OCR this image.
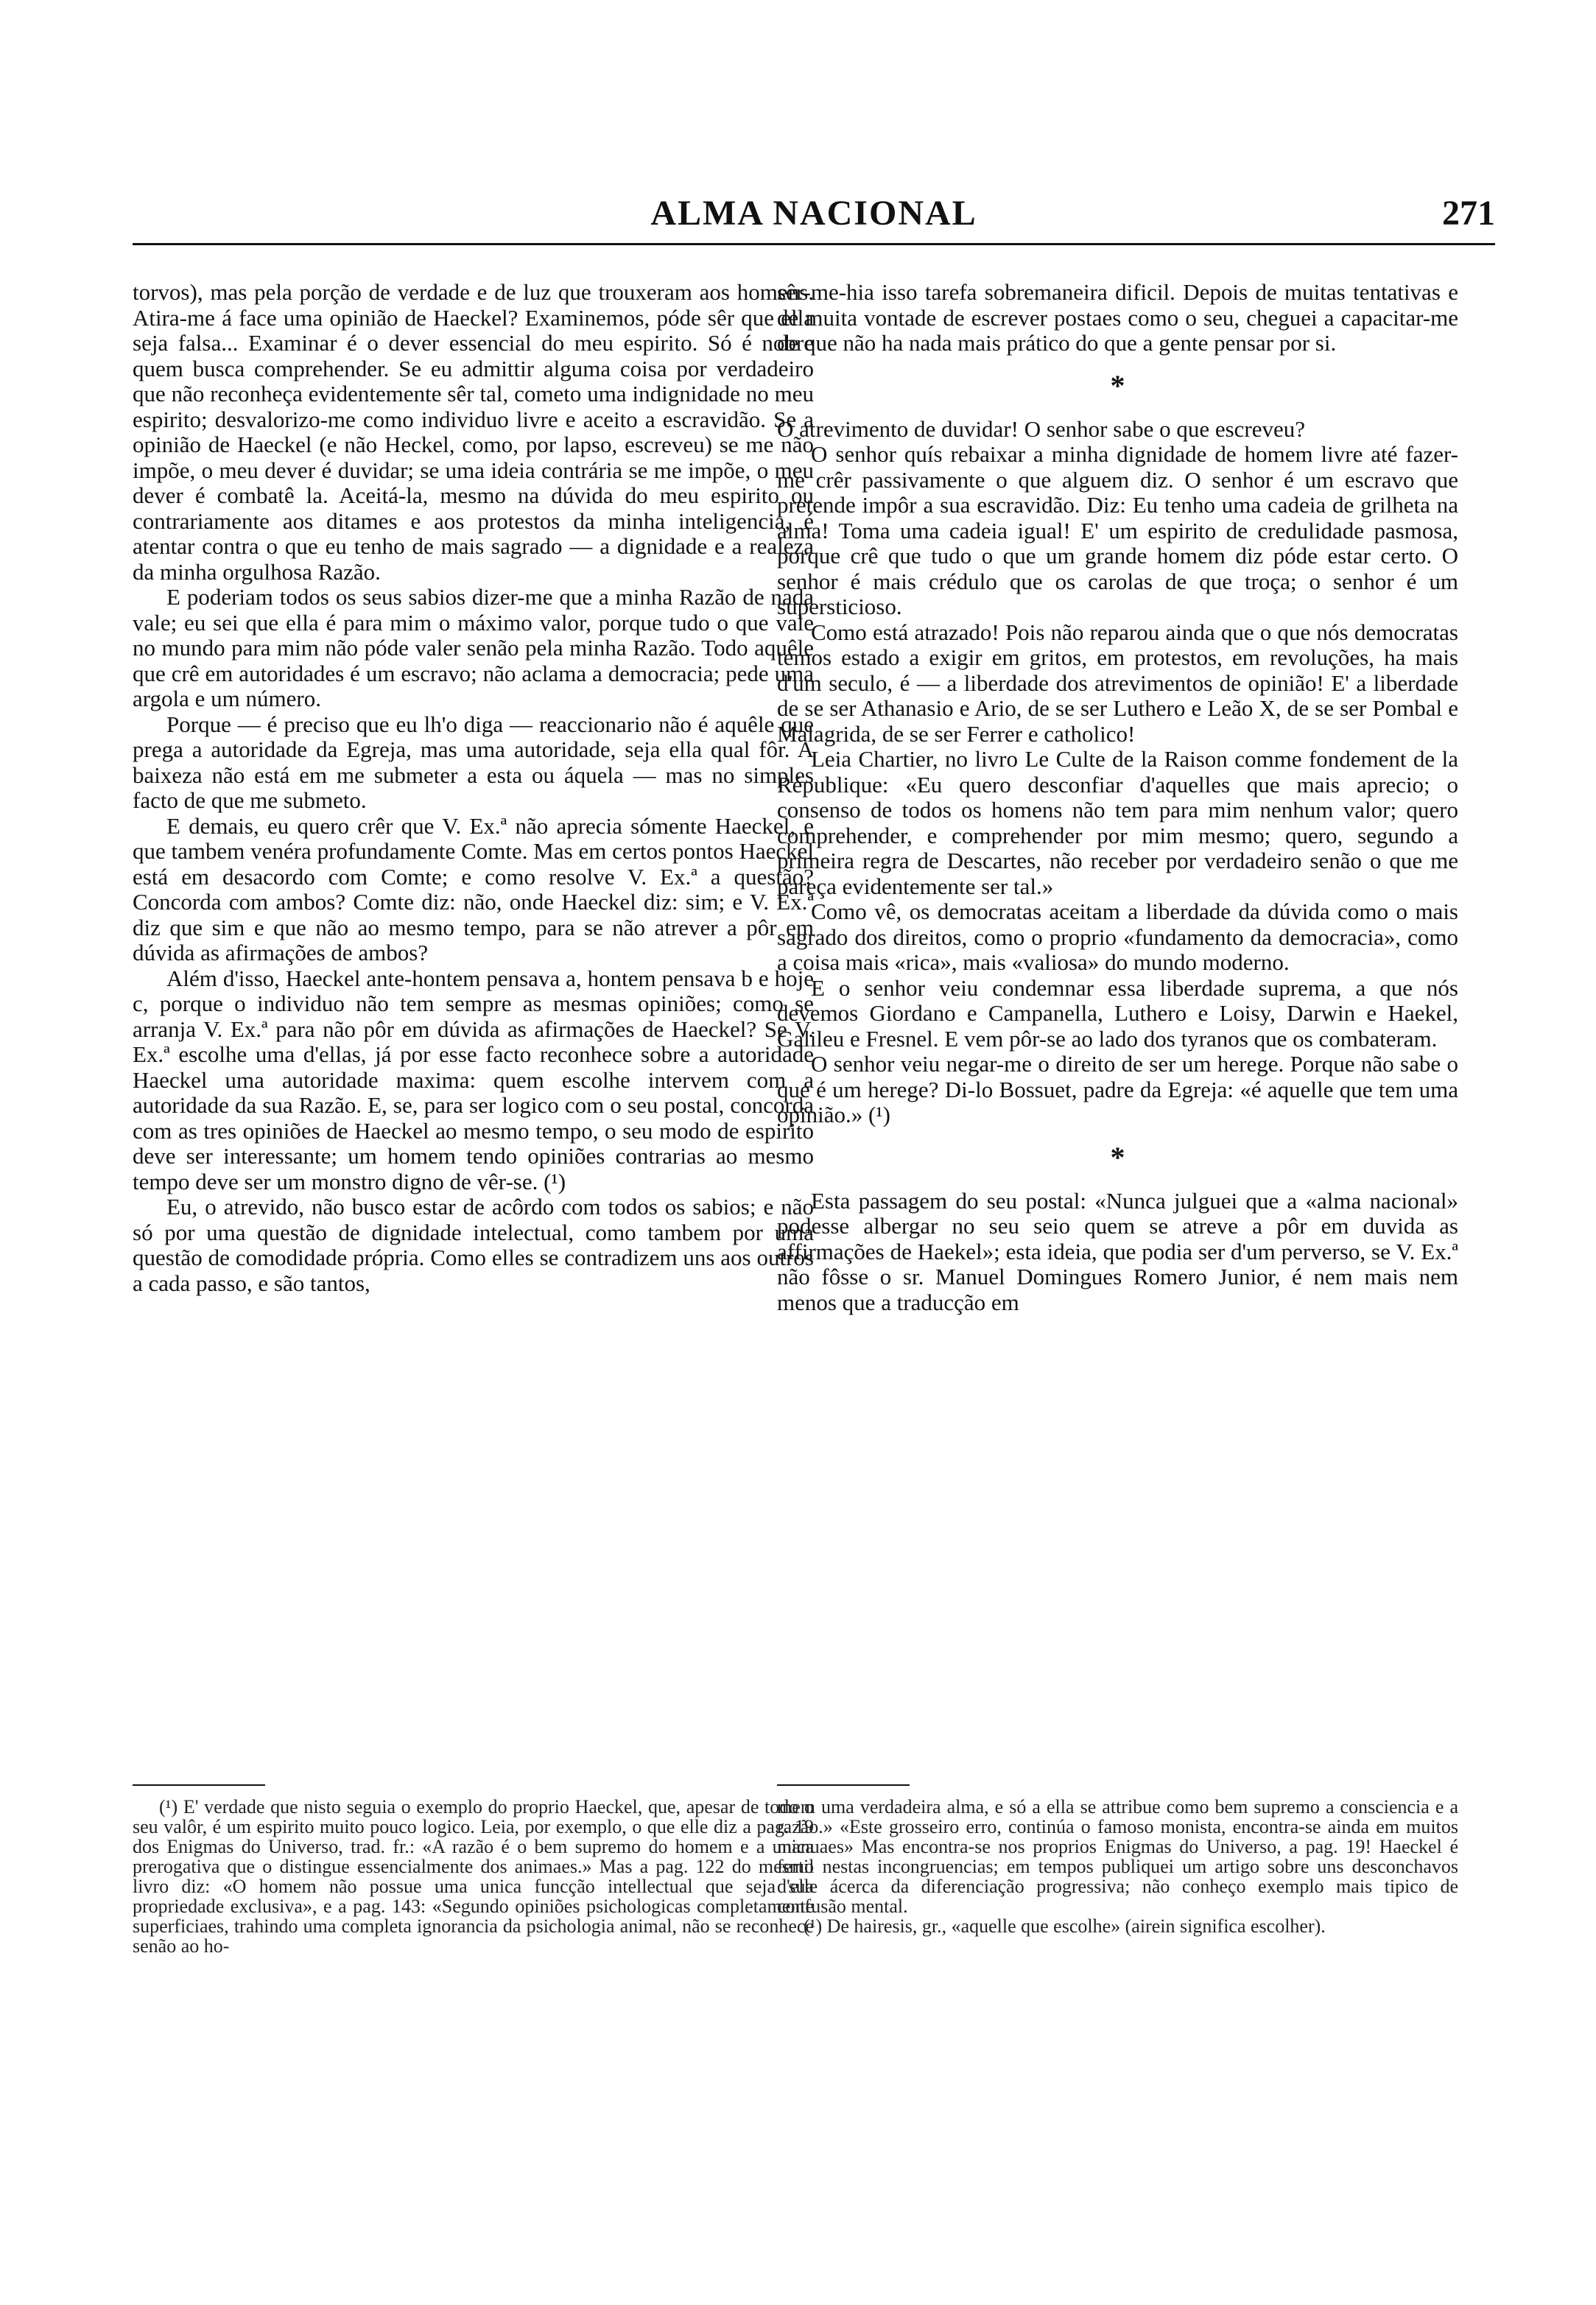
ALMA NACIONAL	271

torvos), mas pela porção de verdade e de luz que trouxeram aos homens. Atira-me á face uma opinião de Haeckel? Examinemos, póde sêr que ella seja falsa... Examinar é o dever essencial do meu espirito. Só é nobre quem busca comprehender. Se eu admittir alguma coisa por verdadeiro que não reconheça evidentemente sêr tal, cometo uma indignidade no meu espirito; desvalorizo-me como individuo livre e aceito a escravidão. Se a opinião de Haeckel (e não Heckel, como, por lapso, escreveu) se me não impõe, o meu dever é duvidar; se uma ideia contrária se me impõe, o meu dever é combatê la. Aceitá-la, mesmo na dúvida do meu espirito ou contrariamente aos ditames e aos protestos da minha inteligencia, é atentar contra o que eu tenho de mais sagrado — a dignidade e a realeza da minha orgulhosa Razão.

E poderiam todos os seus sabios dizer-me que a minha Razão de nada vale; eu sei que ella é para mim o máximo valor, porque tudo o que vale no mundo para mim não póde valer senão pela minha Razão. Todo aquêle que crê em autoridades é um escravo; não aclama a democracia; pede uma argola e um número.

Porque — é preciso que eu lh'o diga — reaccionario não é aquêle que prega a autoridade da Egreja, mas uma autoridade, seja ella qual fôr. A baixeza não está em me submeter a esta ou áquela — mas no simples facto de que me submeto.

E demais, eu quero crêr que V. Ex.ª não aprecia sómente Haeckel, e que tambem venéra profundamente Comte. Mas em certos pontos Haeckel está em desacordo com Comte; e como resolve V. Ex.ª a questão? Concorda com ambos? Comte diz: não, onde Haeckel diz: sim; e V. Ex.ª diz que sim e que não ao mesmo tempo, para se não atrever a pôr em dúvida as afirmações de ambos?

Além d'isso, Haeckel ante-hontem pensava a, hontem pensava b e hoje c, porque o individuo não tem sempre as mesmas opiniões; como se arranja V. Ex.ª para não pôr em dúvida as afirmações de Haeckel? Se V. Ex.ª escolhe uma d'ellas, já por esse facto reconhece sobre a autoridade Haeckel uma autoridade maxima: quem escolhe intervem com a autoridade da sua Razão. E, se, para ser logico com o seu postal, concorda com as tres opiniões de Haeckel ao mesmo tempo, o seu modo de espirito deve ser interessante; um homem tendo opiniões contrarias ao mesmo tempo deve ser um monstro digno de vêr-se. (¹)

Eu, o atrevido, não busco estar de acôrdo com todos os sabios; e não só por uma questão de dignidade intelectual, como tambem por uma questão de comodidade própria. Como elles se contradizem uns aos outros a cada passo, e são tantos,

sêr-me-hia isso tarefa sobremaneira dificil. Depois de muitas tentativas e de muita vontade de escrever postaes como o seu, cheguei a capacitar-me de que não ha nada mais prático do que a gente pensar por si.

*

O atrevimento de duvidar! O senhor sabe o que escreveu?

O senhor quís rebaixar a minha dignidade de homem livre até fazer-me crêr passivamente o que alguem diz. O senhor é um escravo que pretende impôr a sua escravidão. Diz: Eu tenho uma cadeia de grilheta na alma! Toma uma cadeia igual! E' um espirito de credulidade pasmosa, porque crê que tudo o que um grande homem diz póde estar certo. O senhor é mais crédulo que os carolas de que troça; o senhor é um supersticioso.

Como está atrazado! Pois não reparou ainda que o que nós democratas temos estado a exigir em gritos, em protestos, em revoluções, ha mais d'um seculo, é — a liberdade dos atrevimentos de opinião! E' a liberdade de se ser Athanasio e Ario, de se ser Luthero e Leão X, de se ser Pombal e Malagrida, de se ser Ferrer e catholico!

Leia Chartier, no livro Le Culte de la Raison comme fondement de la République: «Eu quero desconfiar d'aquelles que mais aprecio; o consenso de todos os homens não tem para mim nenhum valor; quero comprehender, e comprehender por mim mesmo; quero, segundo a primeira regra de Descartes, não receber por verdadeiro senão o que me pareça evidentemente ser tal.»

Como vê, os democratas aceitam a liberdade da dúvida como o mais sagrado dos direitos, como o proprio «fundamento da democracia», como a coisa mais «rica», mais «valiosa» do mundo moderno.

E o senhor veiu condemnar essa liberdade suprema, a que nós devemos Giordano e Campanella, Luthero e Loisy, Darwin e Haekel, Galileu e Fresnel. E vem pôr-se ao lado dos tyranos que os combateram.

O senhor veiu negar-me o direito de ser um herege. Porque não sabe o que é um herege? Di-lo Bossuet, padre da Egreja: «é aquelle que tem uma opinião.» (¹)

*

Esta passagem do seu postal: «Nunca julguei que a «alma nacional» podesse albergar no seu seio quem se atreve a pôr em duvida as affirmações de Haekel»; esta ideia, que podia ser d'um perverso, se V. Ex.ª não fôsse o sr. Manuel Domingues Romero Junior, é nem mais nem menos que a traducção em

(¹) E' verdade que nisto seguia o exemplo do proprio Haeckel, que, apesar de todo o seu valôr, é um espirito muito pouco logico. Leia, por exemplo, o que elle diz a pag. 19 dos Enigmas do Universo, trad. fr.: «A razão é o bem supremo do homem e a unica prerogativa que o distingue essencialmente dos animaes.» Mas a pag. 122 do mesmo livro diz: «O homem não possue uma unica funcção intellectual que seja sua propriedade exclusiva», e a pag. 143: «Segundo opiniões psichologicas completamente superficiaes, trahindo uma completa ignorancia da psichologia animal, não se reconhece senão ao ho-

mem uma verdadeira alma, e só a ella se attribue como bem supremo a consciencia e a razão.» «Este grosseiro erro, continúa o famoso monista, encontra-se ainda em muitos manuaes» Mas encontra-se nos proprios Enigmas do Universo, a pag. 19! Haeckel é fertil nestas incongruencias; em tempos publiquei um artigo sobre uns desconchavos d'elle ácerca da diferenciação progressiva; não conheço exemplo mais tipico de confusão mental.

(¹) De hairesis, gr., «aquelle que escolhe» (airein significa escolher).
